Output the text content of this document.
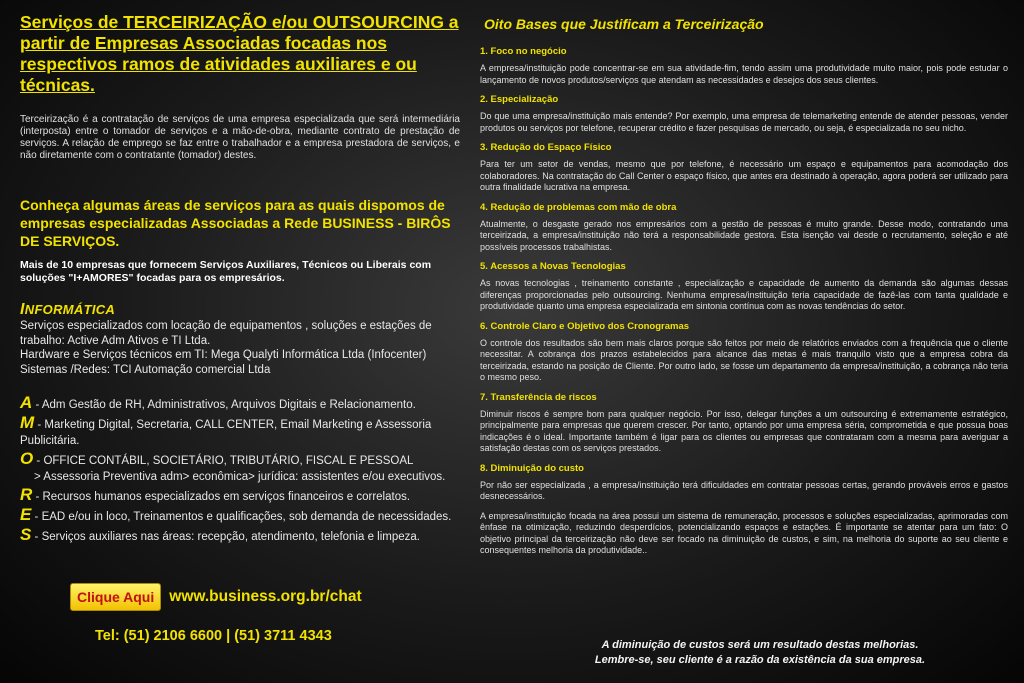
Serviços de TERCEIRIZAÇÃO e/ou OUTSOURCING a partir de Empresas Associadas focadas nos respectivos ramos de atividades auxiliares e ou técnicas.

Terceirização é a contratação de serviços de uma empresa especializada que será intermediária (interposta) entre o tomador de serviços e a mão-de-obra, mediante contrato de prestação de serviços. A relação de emprego se faz entre o trabalhador e a empresa prestadora de serviços, e não diretamente com o contratante (tomador) destes.

Conheça algumas áreas de serviços para as quais dispomos de empresas especializadas Associadas a Rede BUSINESS - BIRÔS DE SERVIÇOS.

Mais de 10 empresas que fornecem Serviços Auxiliares, Técnicos ou Liberais com soluções "I+AMORES" focadas para os empresários.

INFORMÁTICA

Serviços especializados com locação de equipamentos , soluções e estações de trabalho: Active Adm Ativos e TI Ltda.

Hardware e Serviços técnicos em TI: Mega Qualyti Informática Ltda (Infocenter)

Sistemas /Redes: TCI Automação comercial Ltda

A - Adm Gestão de RH, Administrativos, Arquivos Digitais e Relacionamento.

M - Marketing Digital, Secretaria, CALL CENTER, Email Marketing e Assessoria Publicitária.

O - OFFICE CONTÁBIL, SOCIETÁRIO, TRIBUTÁRIO, FISCAL E PESSOAL
> Assessoria Preventiva adm> econômica> jurídica: assistentes e/ou executivos.

R - Recursos humanos especializados em serviços financeiros e correlatos.

E - EAD e/ou in loco, Treinamentos e qualificações, sob demanda de necessidades.

S - Serviços auxiliares nas áreas: recepção, atendimento, telefonia e limpeza.

Clique Aqui www.business.org.br/chat
Tel: (51) 2106 6600 | (51) 3711 4343

Oito Bases que Justificam a Terceirização

1. Foco no negócio

A empresa/instituição pode concentrar-se em sua atividade-fim, tendo assim uma produtividade muito maior, pois pode estudar o lançamento de novos produtos/serviços que atendam as necessidades e desejos dos seus clientes.

2. Especialização

Do que uma empresa/instituição mais entende? Por exemplo, uma empresa de telemarketing entende de atender pessoas, vender produtos ou serviços por telefone, recuperar crédito e fazer pesquisas de mercado, ou seja, é especializada no seu nicho.

3. Redução do Espaço Físico

Para ter um setor de vendas, mesmo que por telefone, é necessário um espaço e equipamentos para acomodação dos colaboradores. Na contratação do Call Center o espaço físico, que antes era destinado à operação, agora poderá ser utilizado para outra finalidade lucrativa na empresa.

4. Redução de problemas com mão de obra

Atualmente, o desgaste gerado nos empresários com a gestão de pessoas é muito grande. Desse modo, contratando uma terceirizada, a empresa/instituição não terá a responsabilidade gestora. Esta isenção vai desde o recrutamento, seleção e até possíveis processos trabalhistas.

5. Acessos a Novas Tecnologias

As novas tecnologias , treinamento constante , especialização e capacidade de aumento da demanda são algumas dessas diferenças proporcionadas pelo outsourcing. Nenhuma empresa/instituição teria capacidade de fazê-las com tanta qualidade e produtividade quanto uma empresa especializada em sintonia contínua com as novas tendências do setor.

6. Controle Claro e Objetivo dos Cronogramas

O controle dos resultados são bem mais claros porque são feitos por meio de relatórios enviados com a frequência que o cliente necessitar. A cobrança dos prazos estabelecidos para alcance das metas é mais tranquilo visto que a empresa cobra da terceirizada, estando na posição de Cliente. Por outro lado, se fosse um departamento da empresa/instituição, a cobrança não teria o mesmo peso.

7. Transferência de riscos

Diminuir riscos é sempre bom para qualquer negócio. Por isso, delegar funções a um outsourcing é extremamente estratégico, principalmente para empresas que querem crescer. Por tanto, optando por uma empresa séria, comprometida e que possua boas indicações é o ideal. Importante também é ligar para os clientes ou empresas que contrataram com a mesma para averiguar a satisfação destas com os serviços prestados.

8. Diminuição do custo

Por não ser especializada , a empresa/instituição terá dificuldades em contratar pessoas certas, gerando prováveis erros e gastos desnecessários.

A empresa/instituição focada na área possui um sistema de remuneração, processos e soluções especializadas, aprimoradas com ênfase na otimização, reduzindo desperdícios, potencializando espaços e estações. É importante se atentar para um fato: O objetivo principal da terceirização não deve ser focado na diminuição de custos, e sim, na melhoria do suporte ao seu cliente e consequentes melhoria da produtividade..

A diminuição de custos será um resultado destas melhorias.
Lembre-se, seu cliente é a razão da existência da sua empresa.
